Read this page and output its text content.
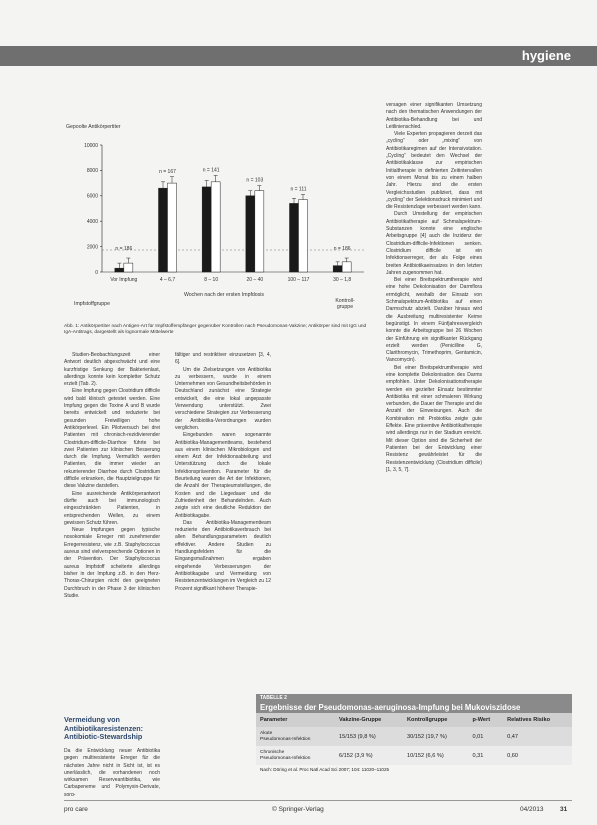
hygiene
Gepoolte Antikörpertiter
0
2000
4000
6000
8000
10000
n = 186
n = 167	n = 141
n = 103
n = 111
n = 186
Vor Impfung	4 – 6,7	8 – 10	20 – 40	100 – 117	30 – 1,8
Wochen nach der ersten Impfdosis
Impfstoffgruppe	Kontroll-gruppe
Abb. 1: Antikörpertiter nach Antigen-Art für Impfstoffempfänger gegenüber Kontrollen nach Pseudomonas-Vakzine; Antikörper sind mit IgG und IgA-Antitrags, dargestellt als lognormale Mittelwerte

Studien-Beobachtungszeit einer Antwort deutlich abgeschwächt und eine kurzfristige Senkung der Bakterienlast, allerdings konnte kein kompletter Schutz erzielt (Tab. 2).

Eine Impfung gegen Clostridium difficile wird bald klinisch getestet werden. Eine Impfung gegen die Toxine A und B wurde bereits entwickelt und reduzierte bei gesunden Freiwilligen hohe Antikörperlevel. Ein Pilotversuch bei drei Patienten mit chronisch-rezidivierender Clostridium-difficile-Diarrhoe führte bei zwei Patienten zur klinischen Besserung durch die Impfung. Vermutlich werden Patienten, die immer wieder an rekurrierender Diarrhoe durch Clostridium difficile erkranken, die Hauptzielgruppe für diese Vakzine darstellen.

Eine ausreichende Antikörperantwort dürfte auch bei immunologisch eingeschränkten Patienten, in entsprechenden Wellen, zu einem gewissen Schutz führen.

Neue Impfungen gegen typische nosokomiale Erreger mit zunehmender Erregerresistenz, wie z.B. Staphylococcus aureus sind vielversprechende Optionen in der Prävention. Der Staphylococcus aureus Impfstoff scheiterte allerdings bisher in der Impfung z.B. in den Herz-Thorax-Chirurgien nicht den geeigneten Durchbruch in der Phase 3 der klinischen Studie.

Vermeidung von Antibiotikaresistenzen: Antibiotic-Stewardship

Da die Entwicklung neuer Antibiotika gegen multiresistente Erreger für die nächsten Jahre nicht in Sicht ist, ist es unerlässlich, die vorhandenen noch wirksamen Reserveantibiotika, wie Carbapeneme und Polymyxin-Derivate, sorg-

fältiger und restriktiver einzusetzen [3, 4, 6].

Um die Zielsetzungen von Antibiotika zu verbessern, wurde in einem Unternehmen von Gesundheitsbehörden in Deutschland zunächst eine Strategie entwickelt, die eine lokal angepasste Verwendung unterstützt. Zwei verschiedene Strategien zur Verbesserung der Antibiotika-Verordnungen wurden verglichen.

Eingebunden waren sogenannte Antibiotika-Managementteams, bestehend aus einem klinischen Mikrobiologen und einem Arzt der Infektionsabteilung und Unterstützung durch die lokale Infektionsprävention. Parameter für die Beurteilung waren die Art der Infektionen, die Anzahl der Therapieumstellungen, die Kosten und die Liegedauer und die Zufriedenheit der Behandelnden. Auch zeigte sich eine deutliche Reduktion der Antibiotikagabe.

Das Antibiotika-Managementteam reduzierte den Antibiotikaverbrauch bei allen Behandlungsparametern deutlich effektiver. Andere Studien zu Handlungsfeldern für die Eingangsmaßnahmen ergaben eingehende Verbesserungen der Antibiotikagabe und Vermeidung von Resistenzentwicklungen im Vergleich zu 12 Prozent signifikant höherer Therapie-

versagen einer signifikanten Umsetzung nach den thematischen Anwendungen der Antibiotika-Behandlung bei und Leitlinienschled.

Viele Experten propagieren derzeit das „cycling“ oder „mixing“ von Antibiotikaregimen auf der Intensivstation. „Cycling“ bedeutet den Wechsel der Antibiotikaklasse zur empirischen Initialtherapie in definierten Zeitintervallen von einem Monat bis zu einem halben Jahr. Hierzu sind die ersten Vergleichsstudien publiziert, dass mit „cycling“ der Selektionsdruck minimiert und die Resistenzlage verbessert werden kann.

Durch Umstellung der empirischen Antibiotikatherapie auf Schmalspektrum-Substanzen konnte eine englische Arbeitsgruppe [4] auch die Inzidenz der Clostridium-difficile-Infektionen senken. Clostridium difficile ist ein Infektionserreger, der als Folge eines breiten Antibiotikaeinsatzes in den letzten Jahren zugenommen hat.

Bei einer Breitspektrumtherapie wird eine hohe Dekolonisation der Darmflora ermöglicht, weshalb der Einsatz von Schmalspektrum-Antibiotika auf einen Darmschutz abzielt. Darüber hinaus wird die Ausbreitung multiresistenter Keime begünstigt. In einem Fünfjahresvergleich konnte die Arbeitsgruppe bei 26 Wochen der Einführung ein signifikanter Rückgang erzielt werden (Penicilline G, Clarithromycin, Trimethoprim, Gentamicin, Vancomycin).

Bei einer Breitspektrumtherapie wird eine komplette Dekolonisation des Darms empfohlen. Unter Dekolonisationstherapie werden ein gezielter Einsatz bestimmter Antibiotika mit einer schmaleren Wirkung verbunden, die Dauer der Therapie und die Anzahl der Einweisungen. Auch die Kombination mit Probiotika zeigte gute Effekte. Eine präventive Antibiotikatherapie wird allerdings nur in der Stadium erreicht. Mit dieser Option sind die Sicherheit der Patienten bei der Entwicklung einer Resistenz gewährleistet für die Resistenzentwicklung (Clostridium difficile) [1, 3, 5, 7].

TABELLE 2
Ergebnisse der Pseudomonas-aeruginosa-Impfung bei Mukoviszidose
Parameter	Vakzine-Gruppe	Kontrollgruppe	p-Wert	Relatives Risiko
Akute
Pseudomonas-Infektion	15/153 (9,8 %)	30/152 (19,7 %)	0,01	0,47
Chronische
Pseudomonas-Infektion	6/152 (3,9 %)	10/152 (6,6 %)	0,31	0,60
Nach: Döring et al. Proc Natl Acad Sci 2007; 104: 11020–11025
pro care	© Springer-Verlag	04/2013	31
